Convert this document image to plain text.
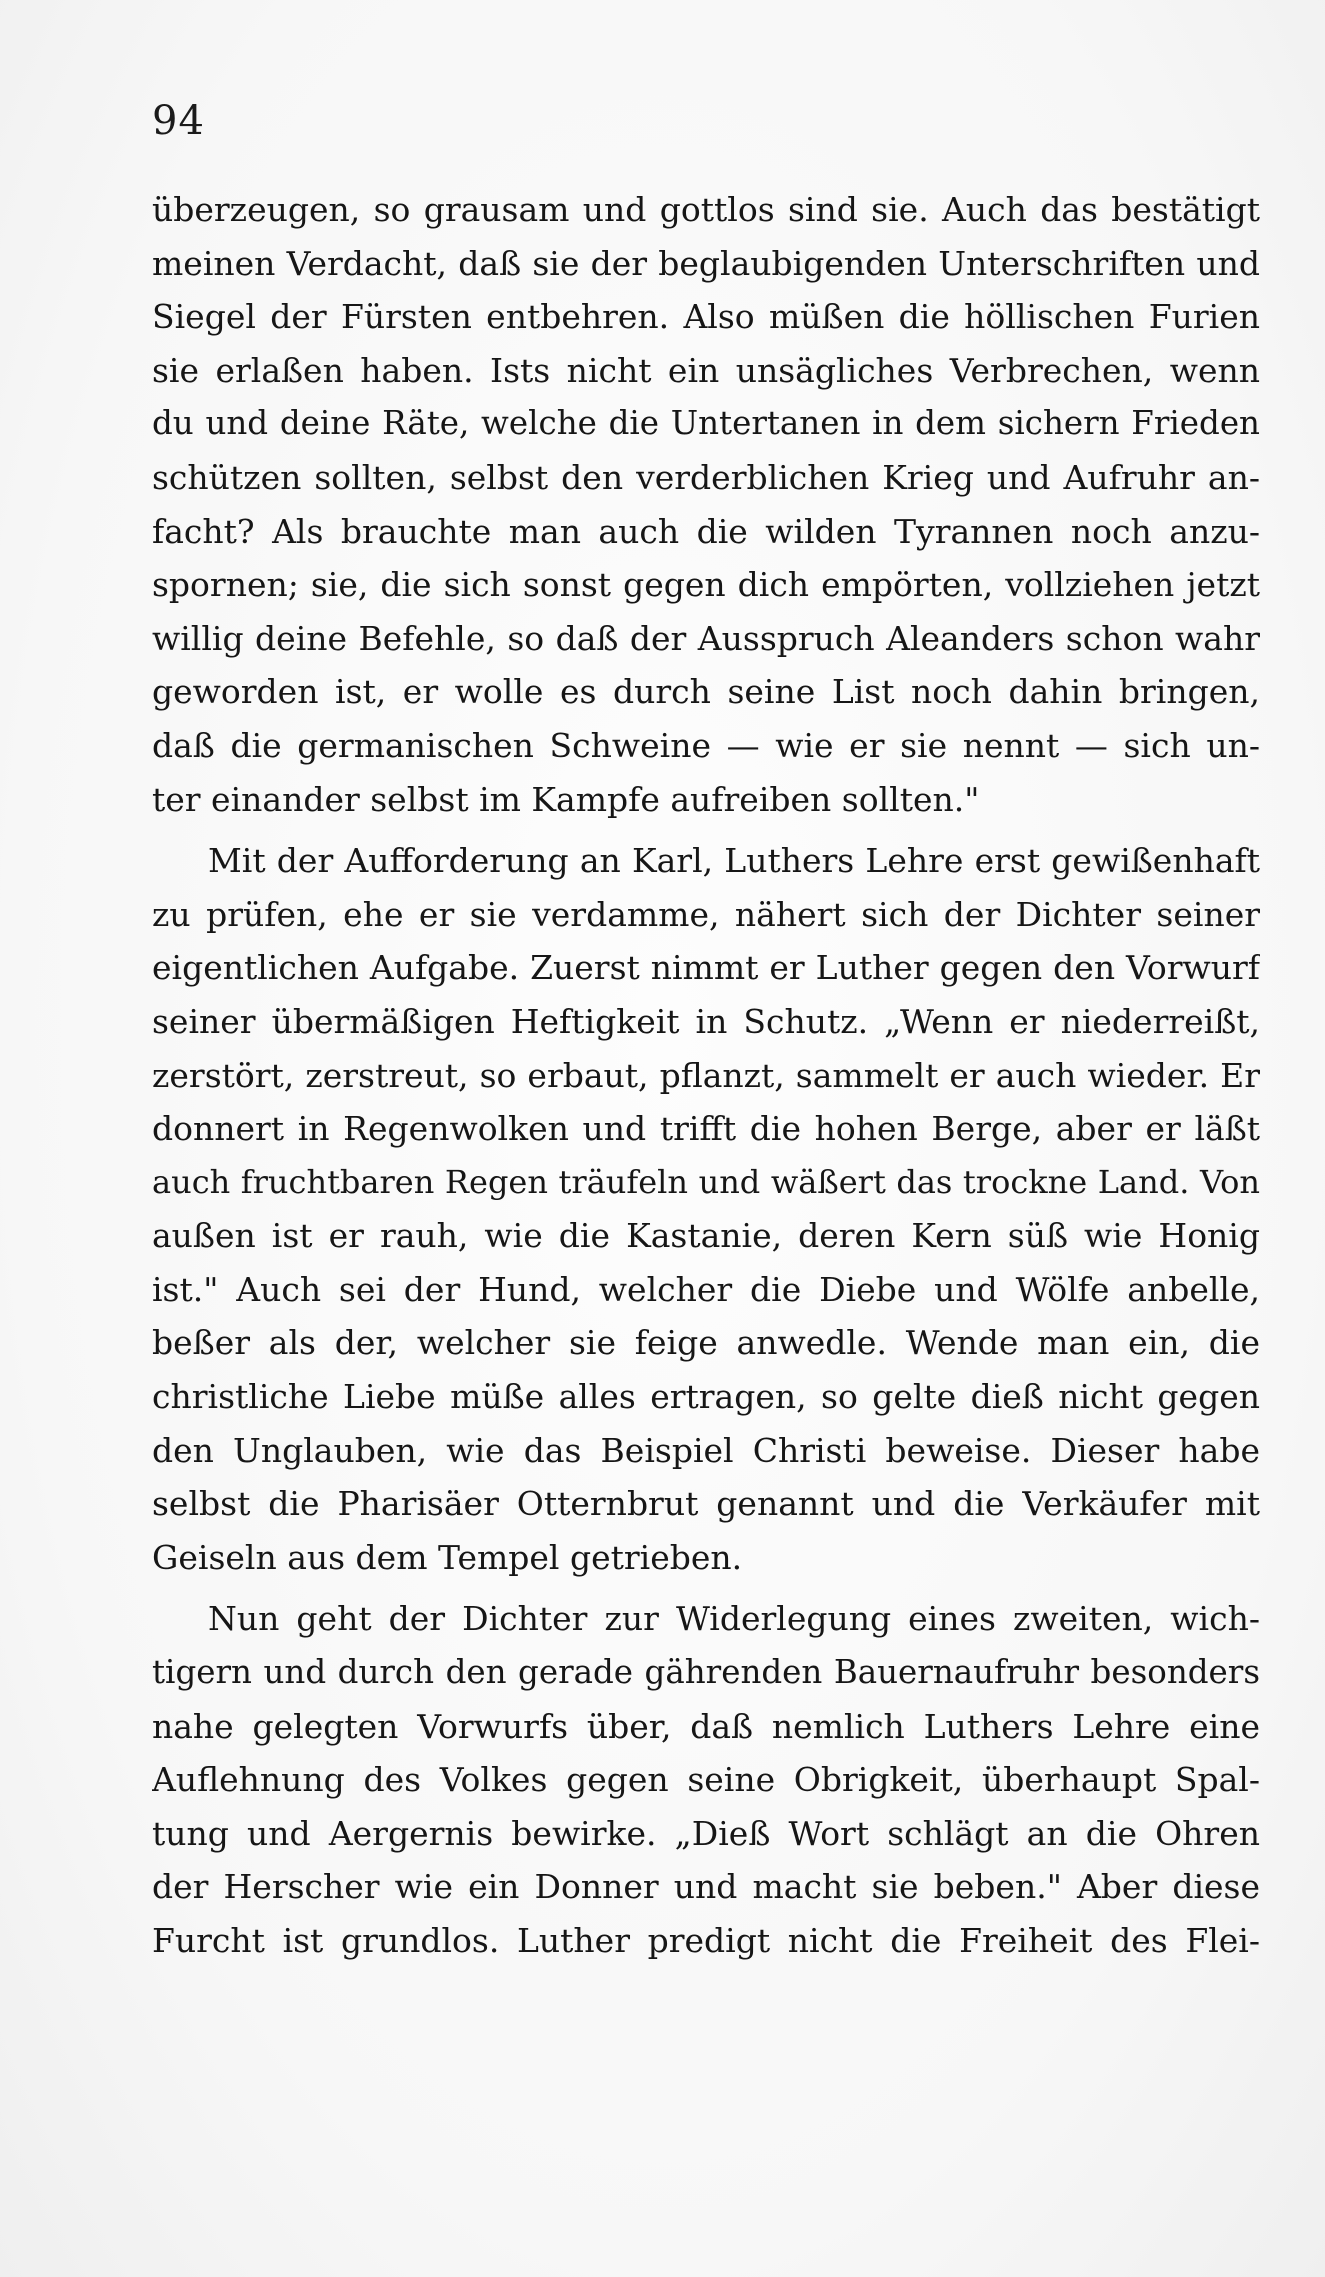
94
überzeugen, so grausam und gottlos sind sie. Auch das bestätigt
meinen Verdacht, daß sie der beglaubigenden Unterschriften und
Siegel der Fürsten entbehren. Also müßen die höllischen Furien
sie erlaßen haben. Ists nicht ein unsägliches Verbrechen, wenn
du und deine Räte, welche die Untertanen in dem sichern Frieden
schützen sollten, selbst den verderblichen Krieg und Aufruhr an-
facht? Als brauchte man auch die wilden Tyrannen noch anzu-
spornen; sie, die sich sonst gegen dich empörten, vollziehen jetzt
willig deine Befehle, so daß der Ausspruch Aleanders schon wahr
geworden ist, er wolle es durch seine List noch dahin bringen,
daß die germanischen Schweine — wie er sie nennt — sich un-
ter einander selbst im Kampfe aufreiben sollten."
Mit der Aufforderung an Karl, Luthers Lehre erst gewißenhaft
zu prüfen, ehe er sie verdamme, nähert sich der Dichter seiner
eigentlichen Aufgabe. Zuerst nimmt er Luther gegen den Vorwurf
seiner übermäßigen Heftigkeit in Schutz. „Wenn er niederreißt,
zerstört, zerstreut, so erbaut, pflanzt, sammelt er auch wieder. Er
donnert in Regenwolken und trifft die hohen Berge, aber er läßt
auch fruchtbaren Regen träufeln und wäßert das trockne Land. Von
außen ist er rauh, wie die Kastanie, deren Kern süß wie Honig
ist." Auch sei der Hund, welcher die Diebe und Wölfe anbelle,
beßer als der, welcher sie feige anwedle. Wende man ein, die
christliche Liebe müße alles ertragen, so gelte dieß nicht gegen
den Unglauben, wie das Beispiel Christi beweise. Dieser habe
selbst die Pharisäer Otternbrut genannt und die Verkäufer mit
Geiseln aus dem Tempel getrieben.
Nun geht der Dichter zur Widerlegung eines zweiten, wich-
tigern und durch den gerade gährenden Bauernaufruhr besonders
nahe gelegten Vorwurfs über, daß nemlich Luthers Lehre eine
Auflehnung des Volkes gegen seine Obrigkeit, überhaupt Spal-
tung und Aergernis bewirke. „Dieß Wort schlägt an die Ohren
der Herscher wie ein Donner und macht sie beben." Aber diese
Furcht ist grundlos. Luther predigt nicht die Freiheit des Flei-
